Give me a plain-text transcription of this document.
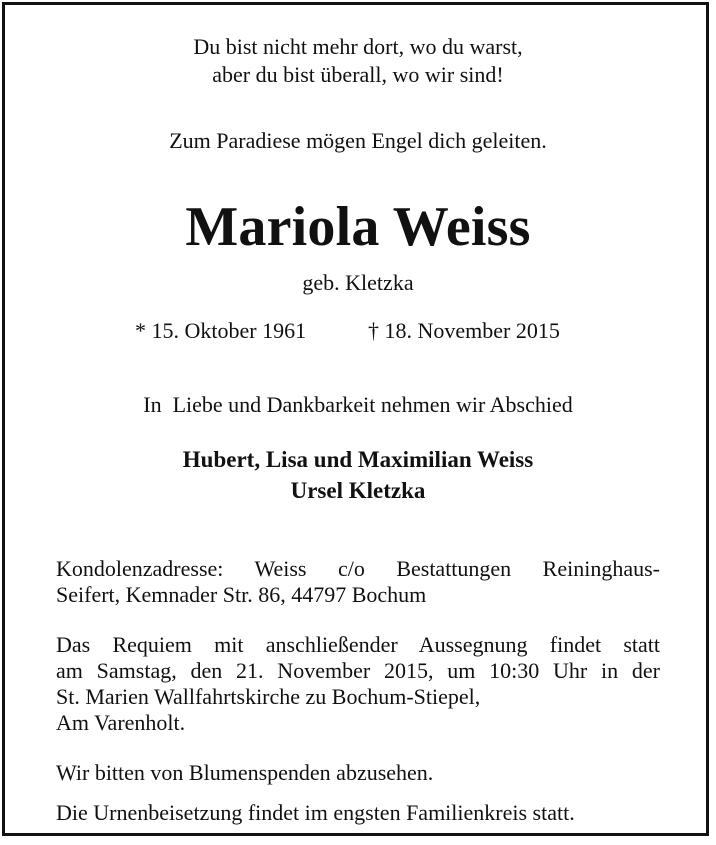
Du bist nicht mehr dort, wo du warst,
aber du bist überall, wo wir sind!
Zum Paradiese mögen Engel dich geleiten.
Mariola Weiss
geb. Kletzka
* 15. Oktober 1961	† 18. November 2015
In  Liebe und Dankbarkeit nehmen wir Abschied
Hubert, Lisa und Maximilian Weiss
Ursel Kletzka
Kondolenzadresse: Weiss c/o Bestattungen Reininghaus-
Seifert, Kemnader Str. 86, 44797 Bochum
Das Requiem mit anschließender Aussegnung findet statt
am Samstag, den 21. November 2015, um 10:30 Uhr in der
St. Marien Wallfahrtskirche zu Bochum-Stiepel,
Am Varenholt.
Wir bitten von Blumenspenden abzusehen.
Die Urnenbeisetzung findet im engsten Familienkreis statt.
